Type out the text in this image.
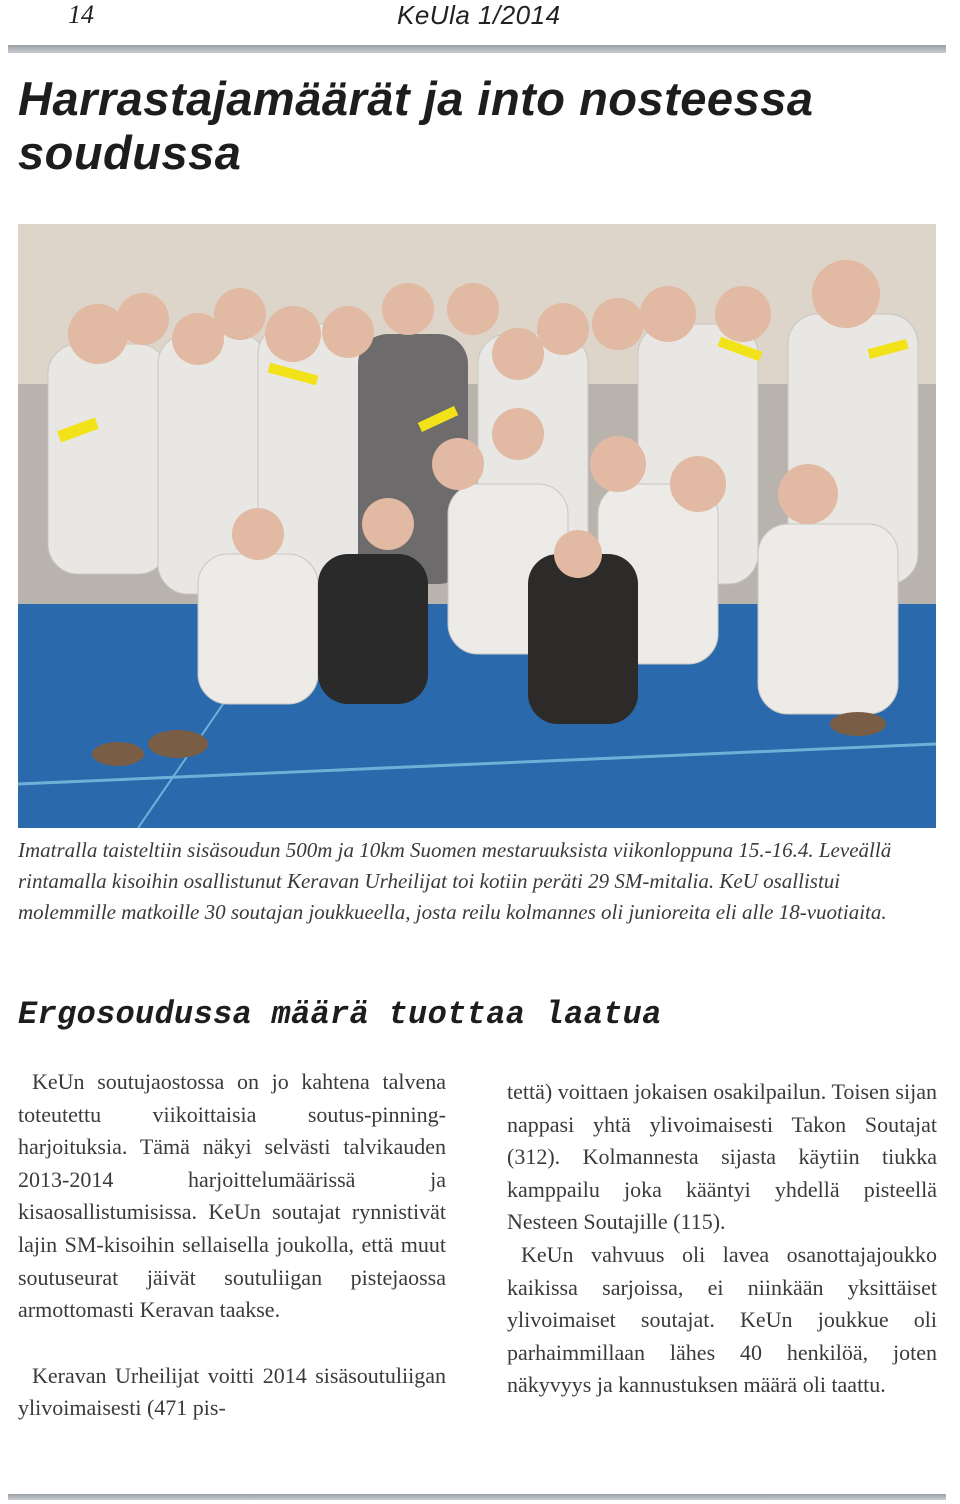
14	KeUla 1/2014
Harrastajamäärät ja into nosteessa soudussa

Imatralla taisteltiin sisäsoudun 500m ja 10km Suomen mestaruuksista viikonloppuna 15.-16.4. Leveällä rintamalla kisoihin osallistunut Keravan Urheilijat toi kotiin peräti 29 SM-mitalia. KeU osallistui molemmille matkoille 30 soutajan joukkueella, josta reilu kolmannes oli junioreita eli alle 18-vuotiaita.

Ergosoudussa määrä tuottaa laatua

KeUn soutujaostossa on jo kahtena talvena toteutettu viikoittaisia soutus-pinning-harjoituksia. Tämä näkyi selvästi talvikauden 2013-2014 harjoittelumäärissä ja kisaosallistumisissa. KeUn soutajat rynnistivät lajin SM-kisoihin sellaisella joukolla, että muut soutuseurat jäivät soutuliigan pistejaossa armottomasti Keravan taakse.

Keravan Urheilijat voitti 2014 sisäsoutuliigan ylivoimaisesti (471 pis-

tettä) voittaen jokaisen osakilpailun. Toisen sijan nappasi yhtä ylivoimaisesti Takon Soutajat (312). Kolmannesta sijasta käytiin tiukka kamppailu joka kääntyi yhdellä pisteellä Nesteen Soutajille (115).

KeUn vahvuus oli lavea osanottajajoukko kaikissa sarjoissa, ei niinkään yksittäiset ylivoimaiset soutajat. KeUn joukkue oli parhaimmillaan lähes 40 henkilöä, joten näkyvyys ja kannustuksen määrä oli taattu.
